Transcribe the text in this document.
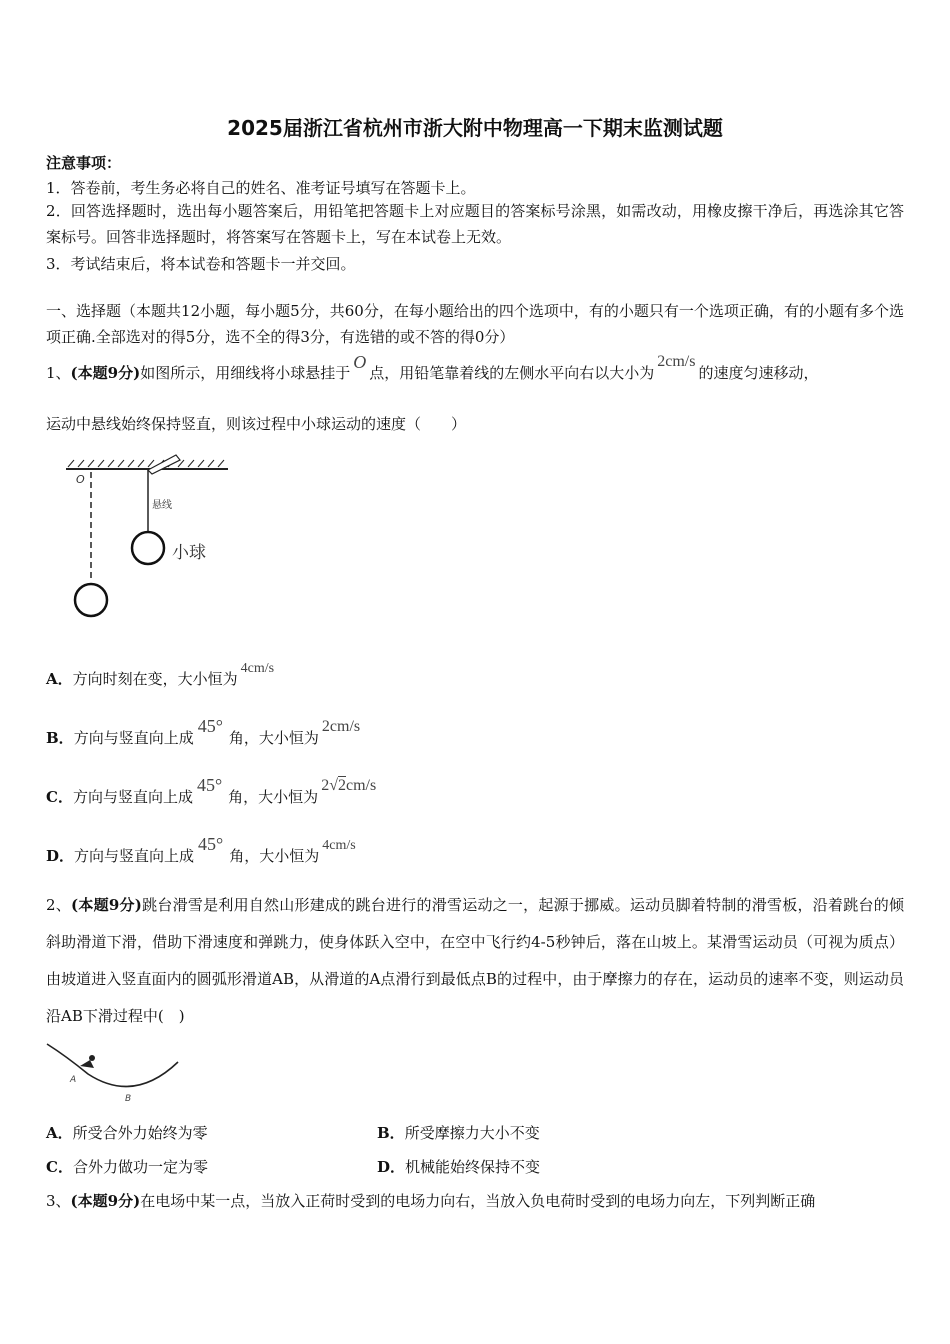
2025届浙江省杭州市浙大附中物理高一下期末监测试题
注意事项：
1．答卷前，考生务必将自己的姓名、准考证号填写在答题卡上。
2．回答选择题时，选出每小题答案后，用铅笔把答题卡上对应题目的答案标号涂黑，如需改动，用橡皮擦干净后，再选涂其它答案标号。回答非选择题时，将答案写在答题卡上，写在本试卷上无效。
3．考试结束后，将本试卷和答题卡一并交回。
一、选择题（本题共12小题，每小题5分，共60分，在每小题给出的四个选项中，有的小题只有一个选项正确，有的小题有多个选项正确.全部选对的得5分，选不全的得3分，有选错的或不答的得0分）
1、(本题9分)如图所示，用细线将小球悬挂于O点，用铅笔靠着线的左侧水平向右以大小为2cm/s的速度匀速移动，
运动中悬线始终保持竖直，则该过程中小球运动的速度（　　）
O
悬线
小球
A．方向时刻在变，大小恒为4cm/s
B．方向与竖直向上成45°角，大小恒为2cm/s
C．方向与竖直向上成45°角，大小恒为2√2cm/s
D．方向与竖直向上成45°角，大小恒为4cm/s
2、(本题9分)跳台滑雪是利用自然山形建成的跳台进行的滑雪运动之一，起源于挪威。运动员脚着特制的滑雪板，沿着跳台的倾斜助滑道下滑，借助下滑速度和弹跳力，使身体跃入空中，在空中飞行约4-5秒钟后，落在山坡上。某滑雪运动员（可视为质点）由坡道进入竖直面内的圆弧形滑道AB，从滑道的A点滑行到最低点B的过程中，由于摩擦力的存在，运动员的速率不变，则运动员沿AB下滑过程中(　)
A
B
A．所受合外力始终为零	B．所受摩擦力大小不变
C．合外力做功一定为零	D．机械能始终保持不变
3、(本题9分)在电场中某一点，当放入正荷时受到的电场力向右，当放入负电荷时受到的电场力向左，下列判断正确
